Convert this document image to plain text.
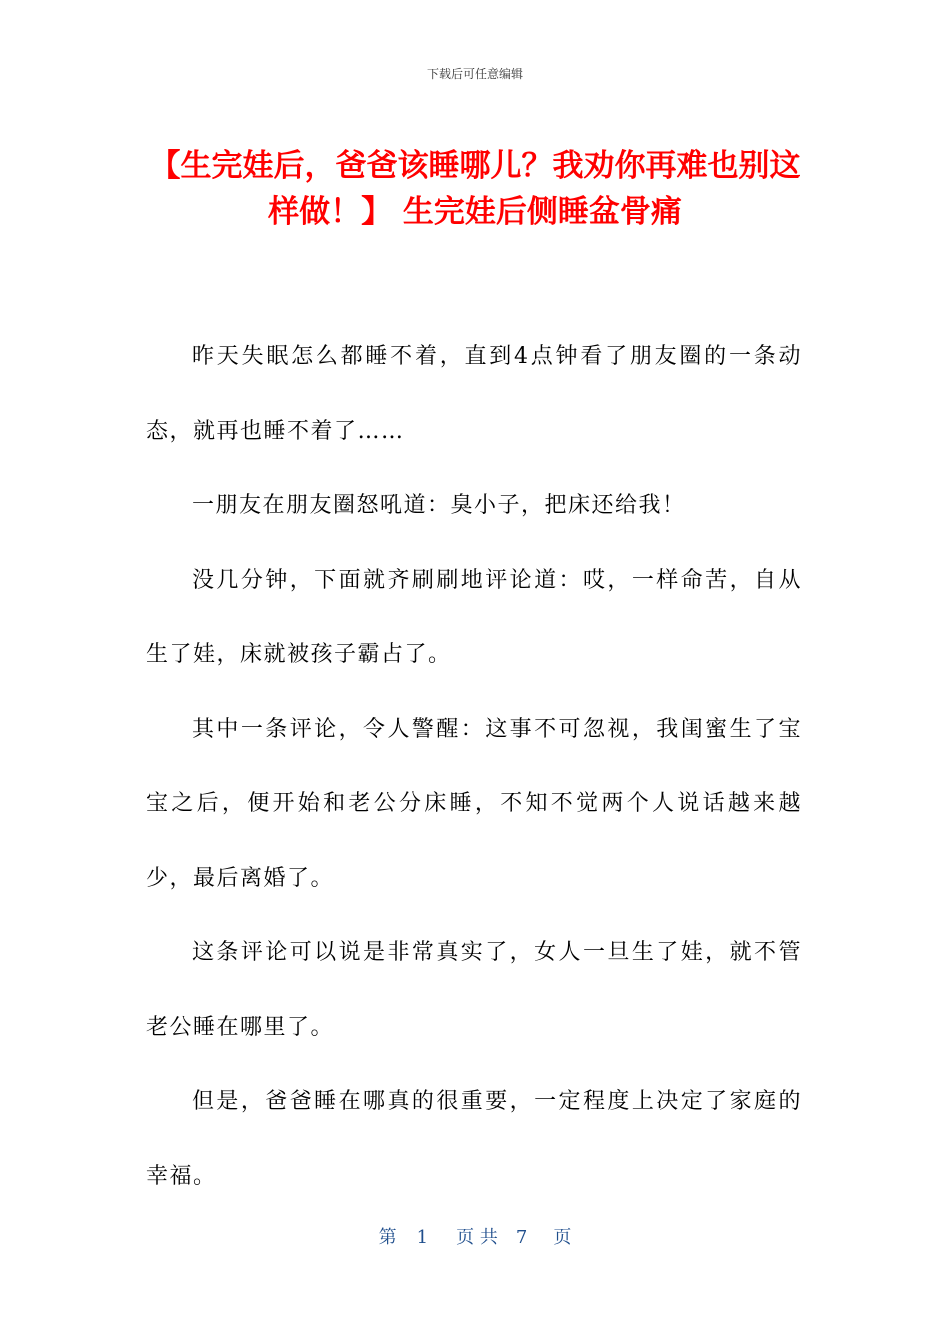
下载后可任意编辑
【生完娃后，爸爸该睡哪儿？我劝你再难也别这样做！】 生完娃后侧睡盆骨痛

昨天失眠怎么都睡不着，直到4点钟看了朋友圈的一条动态，就再也睡不着了……

一朋友在朋友圈怒吼道：臭小子，把床还给我！

没几分钟，下面就齐刷刷地评论道：哎，一样命苦，自从生了娃，床就被孩子霸占了。

其中一条评论，令人警醒：这事不可忽视，我闺蜜生了宝宝之后，便开始和老公分床睡，不知不觉两个人说话越来越少，最后离婚了。

这条评论可以说是非常真实了，女人一旦生了娃，就不管老公睡在哪里了。

但是，爸爸睡在哪真的很重要，一定程度上决定了家庭的幸福。

第 1 页 共 7 页
